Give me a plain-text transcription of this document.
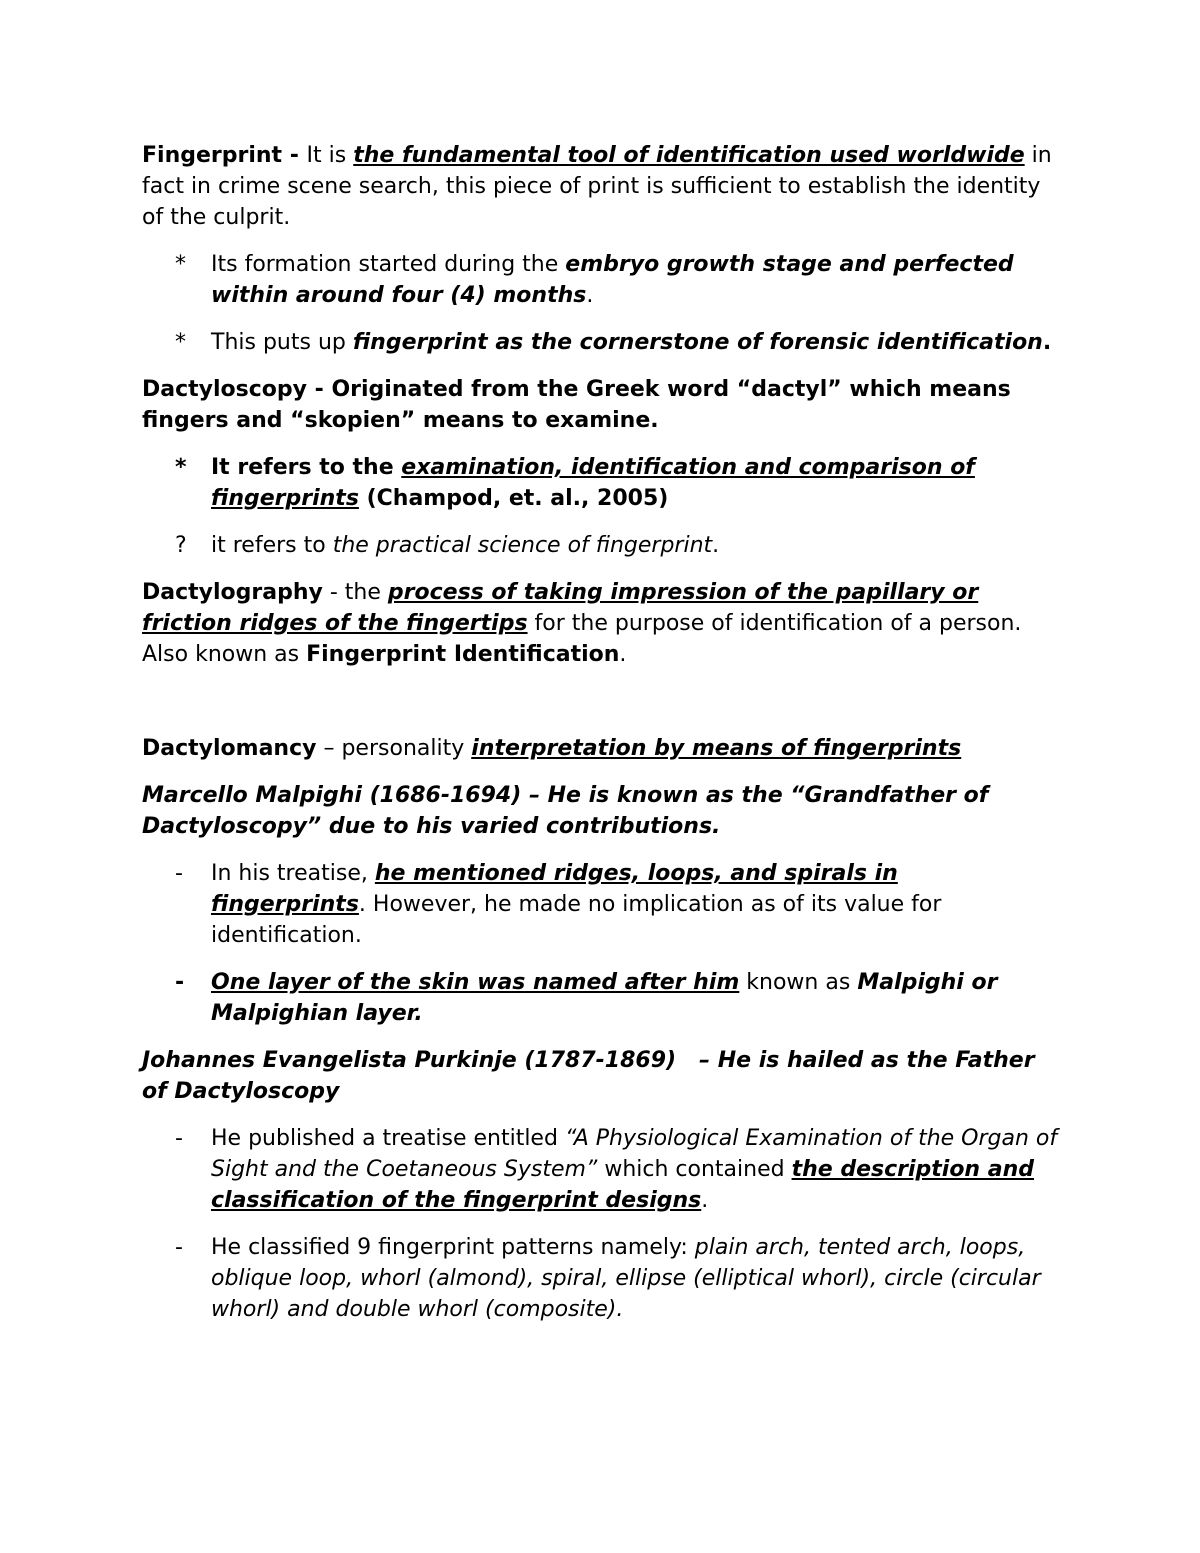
Fingerprint - It is the fundamental tool of identification used worldwide in fact in crime scene search, this piece of print is sufficient to establish the identity of the culprit.

*	Its formation started during the embryo growth stage and perfected within around four (4) months.
*	This puts up fingerprint as the cornerstone of forensic identification.

Dactyloscopy - Originated from the Greek word “dactyl” which means fingers and “skopien” means to examine.

*	It refers to the examination, identification and comparison of fingerprints (Champod, et. al., 2005)
?	it refers to the practical science of fingerprint.

Dactylography - the process of taking impression of the papillary or friction ridges of the fingertips for the purpose of identification of a person. Also known as Fingerprint Identification.

Dactylomancy – personality interpretation by means of fingerprints

Marcello Malpighi (1686-1694) – He is known as the “Grandfather of Dactyloscopy” due to his varied contributions.

-	In his treatise, he mentioned ridges, loops, and spirals in fingerprints. However, he made no implication as of its value for identification.
-	One layer of the skin was named after him known as Malpighi or Malpighian layer.

Johannes Evangelista Purkinje (1787-1869)   – He is hailed as the Father of Dactyloscopy

-	He published a treatise entitled “A Physiological Examination of the Organ of Sight and the Coetaneous System” which contained the description and classification of the fingerprint designs.
-	He classified 9 fingerprint patterns namely: plain arch, tented arch, loops, oblique loop, whorl (almond), spiral, ellipse (elliptical whorl), circle (circular whorl) and double whorl (composite).
